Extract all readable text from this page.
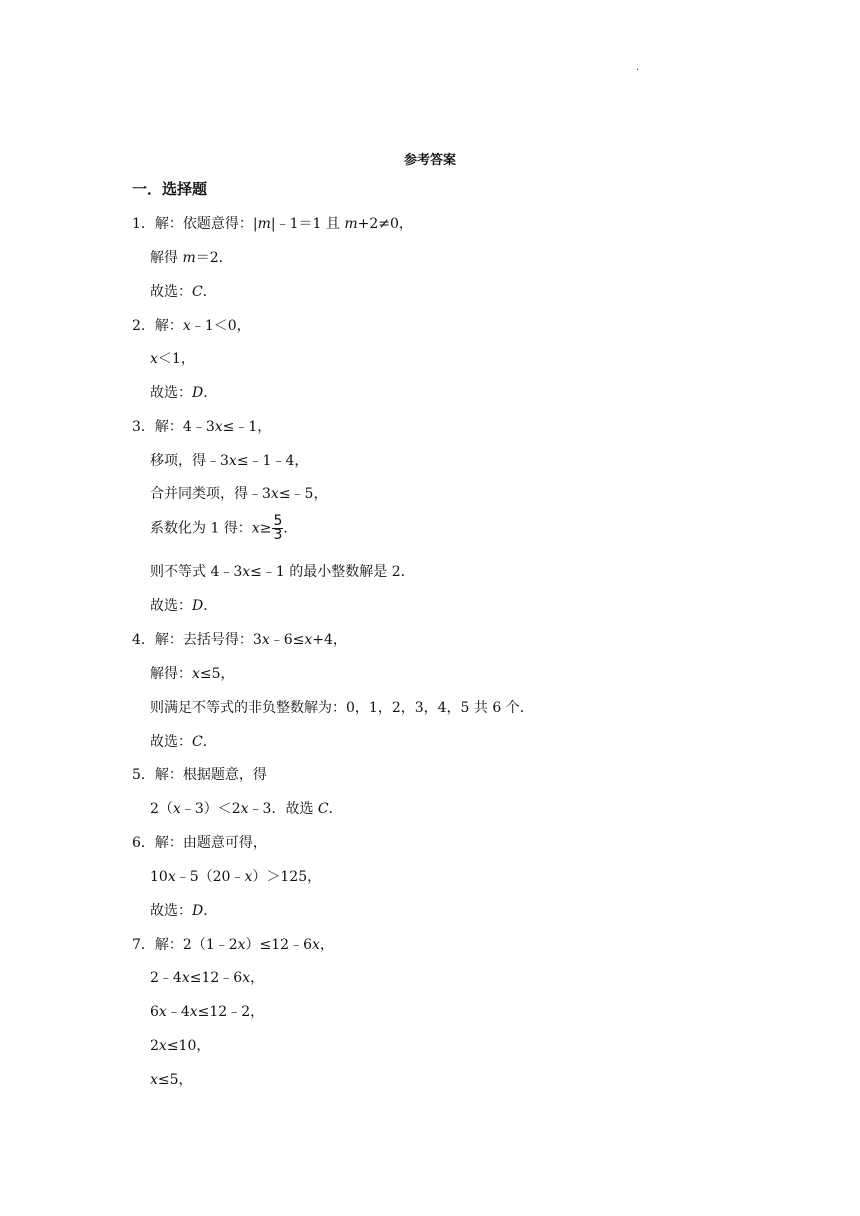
·
参考答案
一．选择题
1．解：依题意得：|m|﹣1＝1 且 m+2≠0，
解得 m＝2．
故选：C．
2．解：x﹣1＜0，
x＜1，
故选：D．
3．解：4﹣3x≤﹣1，
移项，得﹣3x≤﹣1﹣4，
合并同类项，得﹣3x≤﹣5，
系数化为 1 得：$x\ge \frac{5}{3}$ ．
则不等式 4﹣3x≤﹣1 的最小整数解是 2．
故选：D．
4．解：去括号得：3x﹣6≤x+4，
解得：x≤5，
则满足不等式的非负整数解为：0，1，2，3，4，5 共 6 个．
故选：C．
5．解：根据题意，得
2（x﹣3）＜2x﹣3．故选 C．
6．解：由题意可得，
10x﹣5（20﹣x）＞125，
故选：D．
7．解：2（1﹣2x）≤12﹣6x，
2﹣4x≤12﹣6x，
6x﹣4x≤12﹣2，
2x≤10，
x≤5，
